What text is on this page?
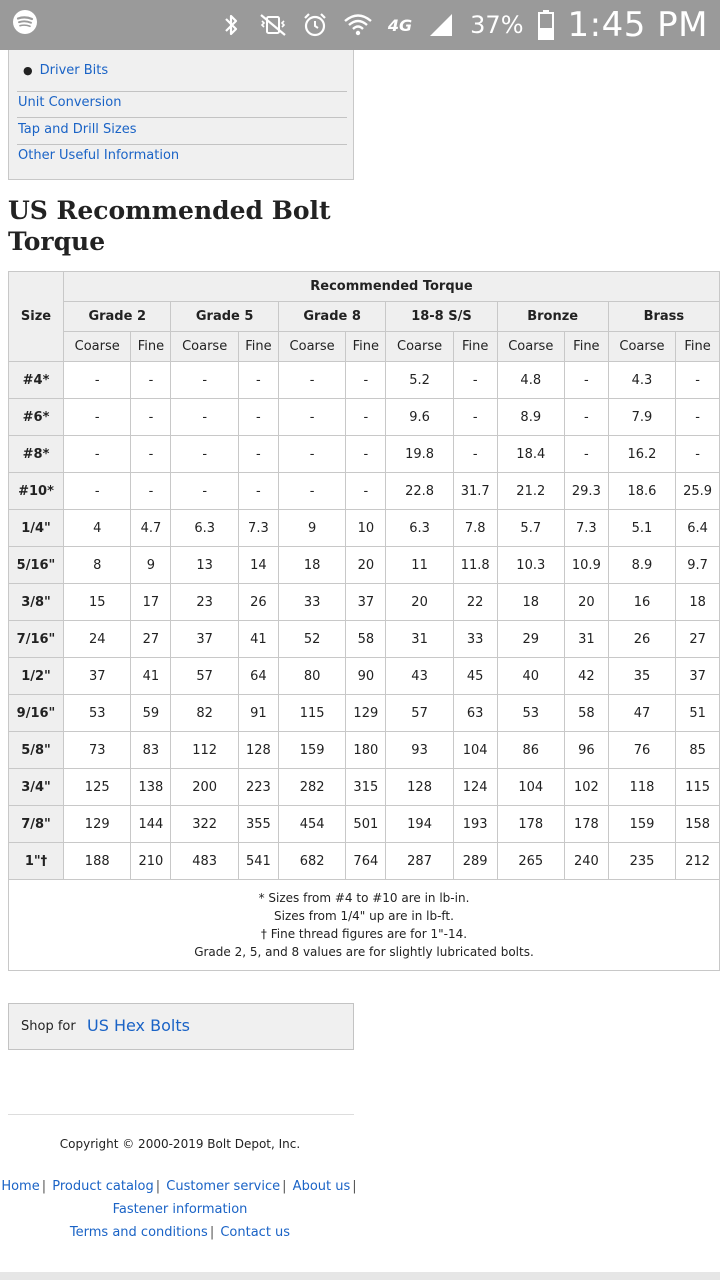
4G 37% 1:45 PM
● Driver Bits
Unit Conversion
Tap and Drill Sizes
Other Useful Information
US Recommended Bolt Torque
Size	Recommended Torque											
	Grade 2		Grade 5		Grade 8		18-8 S/S		Bronze		Brass	
	Coarse	Fine	Coarse	Fine	Coarse	Fine	Coarse	Fine	Coarse	Fine	Coarse	Fine
#4*	-	-	-	-	-	-	5.2	-	4.8	-	4.3	-
#6*	-	-	-	-	-	-	9.6	-	8.9	-	7.9	-
#8*	-	-	-	-	-	-	19.8	-	18.4	-	16.2	-
#10*	-	-	-	-	-	-	22.8	31.7	21.2	29.3	18.6	25.9
1/4"	4	4.7	6.3	7.3	9	10	6.3	7.8	5.7	7.3	5.1	6.4
5/16"	8	9	13	14	18	20	11	11.8	10.3	10.9	8.9	9.7
3/8"	15	17	23	26	33	37	20	22	18	20	16	18
7/16"	24	27	37	41	52	58	31	33	29	31	26	27
1/2"	37	41	57	64	80	90	43	45	40	42	35	37
9/16"	53	59	82	91	115	129	57	63	53	58	47	51
5/8"	73	83	112	128	159	180	93	104	86	96	76	85
3/4"	125	138	200	223	282	315	128	124	104	102	118	115
7/8"	129	144	322	355	454	501	194	193	178	178	159	158
1"†	188	210	483	541	682	764	287	289	265	240	235	212

* Sizes from #4 to #10 are in lb-in.
Sizes from 1/4" up are in lb-ft.
† Fine thread figures are for 1"-14.
Grade 2, 5, and 8 values are for slightly lubricated bolts.												
Shop for US Hex Bolts
Copyright © 2000-2019 Bolt Depot, Inc.
Home | Product catalog | Customer service | About us |
Fastener information
Terms and conditions | Contact us
